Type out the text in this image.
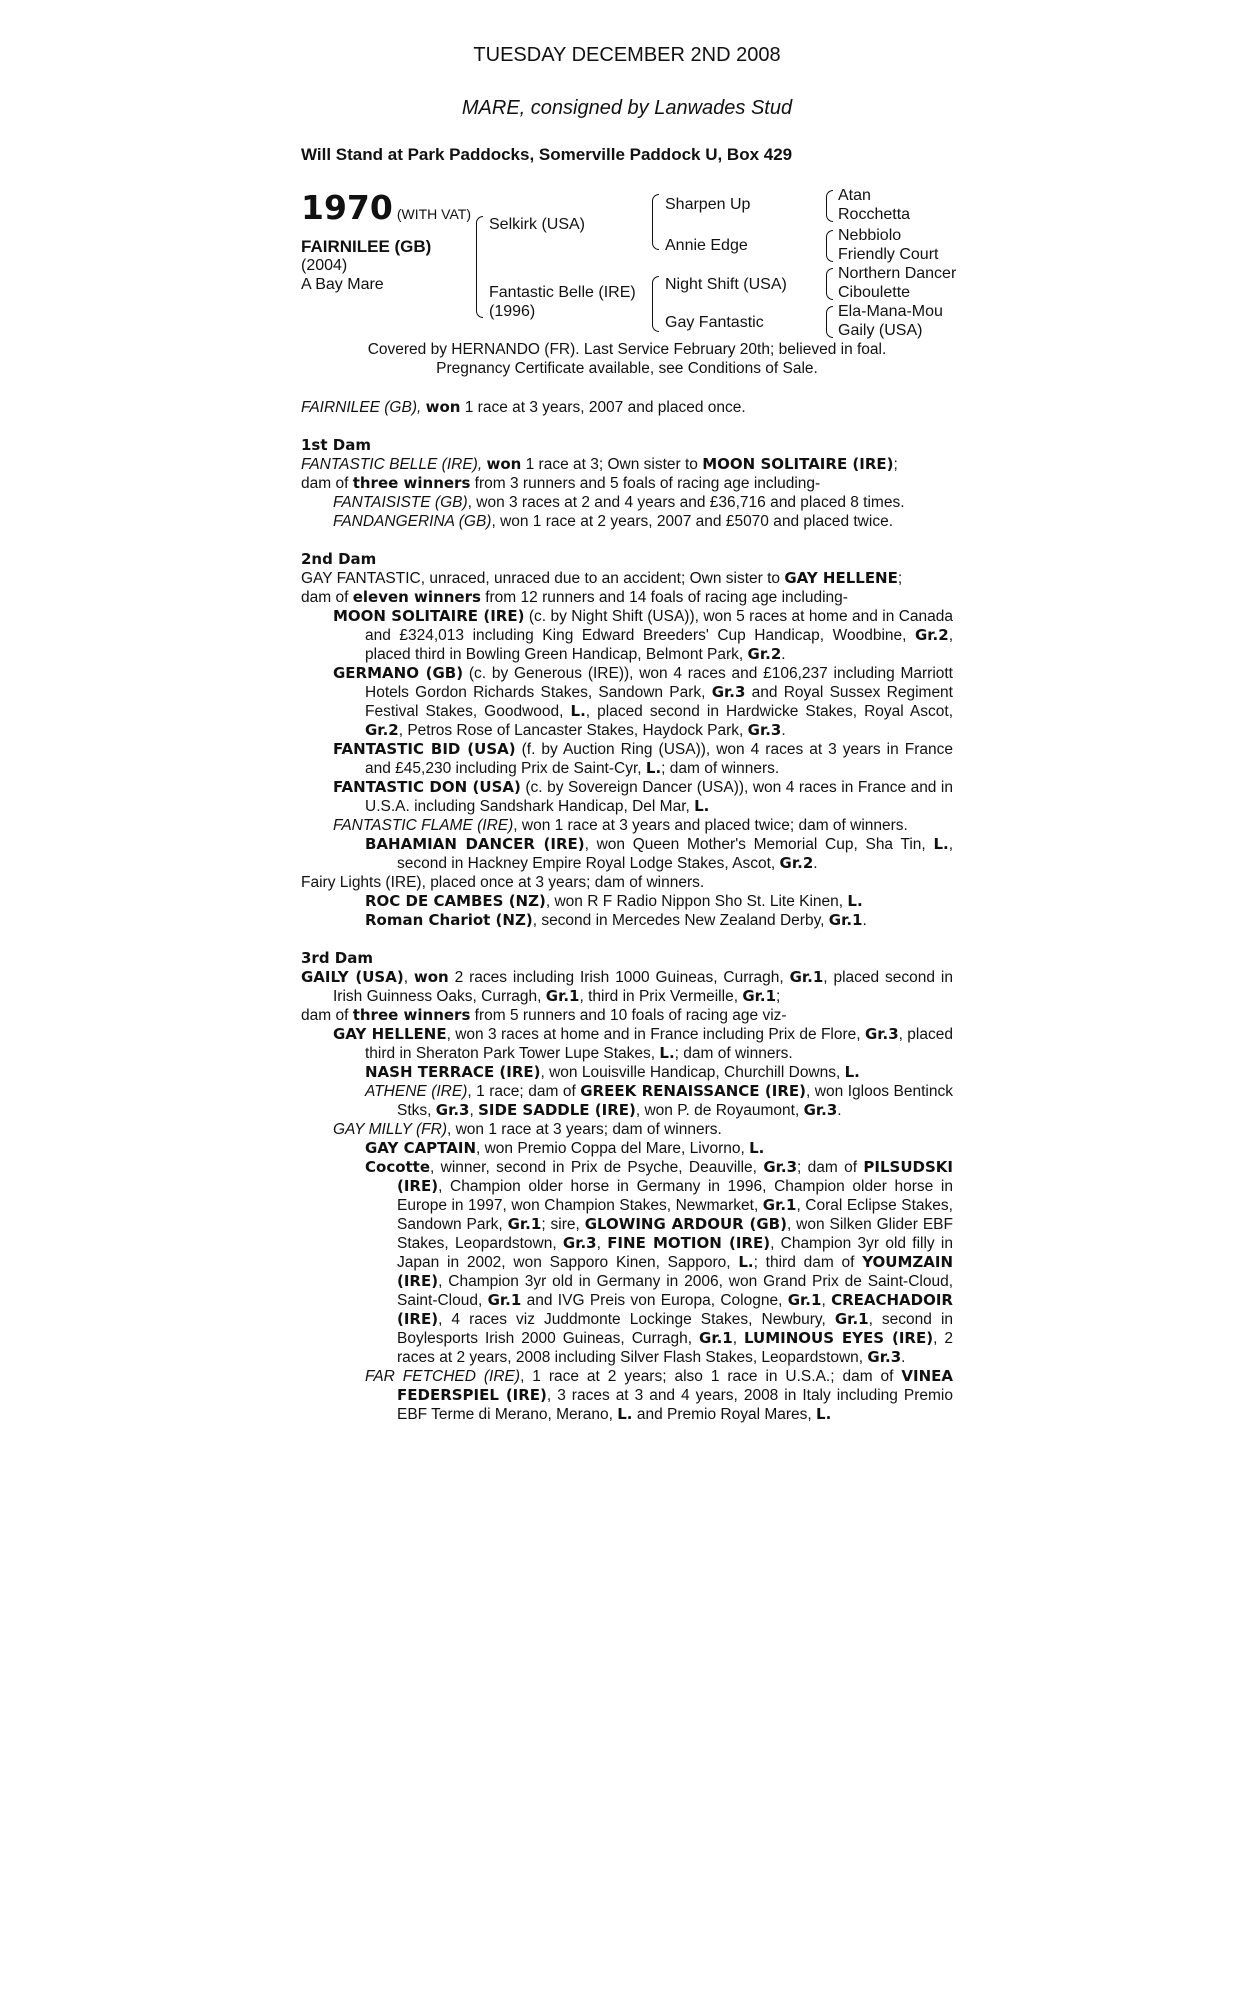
TUESDAY DECEMBER 2ND 2008
MARE, consigned by Lanwades Stud
Will Stand at Park Paddocks, Somerville Paddock U, Box 429
1970 (WITH VAT)
FAIRNILEE (GB)
(2004)
A Bay Mare
Selkirk (USA)
Fantastic Belle (IRE)
(1996)
Sharpen Up
Annie Edge
Night Shift (USA)
Gay Fantastic
Atan
Rocchetta
Nebbiolo
Friendly Court
Northern Dancer
Ciboulette
Ela-Mana-Mou
Gaily (USA)
Covered by HERNANDO (FR). Last Service February 20th; believed in foal.
Pregnancy Certificate available, see Conditions of Sale.

FAIRNILEE (GB), won 1 race at 3 years, 2007 and placed once.

1st Dam

FANTASTIC BELLE (IRE), won 1 race at 3; Own sister to MOON SOLITAIRE (IRE);

dam of three winners from 3 runners and 5 foals of racing age including-

FANTAISISTE (GB), won 3 races at 2 and 4 years and £36,716 and placed 8 times.

FANDANGERINA (GB), won 1 race at 2 years, 2007 and £5070 and placed twice.

2nd Dam

GAY FANTASTIC, unraced, unraced due to an accident; Own sister to GAY HELLENE;

dam of eleven winners from 12 runners and 14 foals of racing age including-

MOON SOLITAIRE (IRE) (c. by Night Shift (USA)), won 5 races at home and in Canada and £324,013 including King Edward Breeders' Cup Handicap, Woodbine, Gr.2, placed third in Bowling Green Handicap, Belmont Park, Gr.2.

GERMANO (GB) (c. by Generous (IRE)), won 4 races and £106,237 including Marriott Hotels Gordon Richards Stakes, Sandown Park, Gr.3 and Royal Sussex Regiment Festival Stakes, Goodwood, L., placed second in Hardwicke Stakes, Royal Ascot, Gr.2, Petros Rose of Lancaster Stakes, Haydock Park, Gr.3.

FANTASTIC BID (USA) (f. by Auction Ring (USA)), won 4 races at 3 years in France and £45,230 including Prix de Saint-Cyr, L.; dam of winners.

FANTASTIC DON (USA) (c. by Sovereign Dancer (USA)), won 4 races in France and in U.S.A. including Sandshark Handicap, Del Mar, L.

FANTASTIC FLAME (IRE), won 1 race at 3 years and placed twice; dam of winners.

BAHAMIAN DANCER (IRE), won Queen Mother's Memorial Cup, Sha Tin, L., second in Hackney Empire Royal Lodge Stakes, Ascot, Gr.2.

Fairy Lights (IRE), placed once at 3 years; dam of winners.

ROC DE CAMBES (NZ), won R F Radio Nippon Sho St. Lite Kinen, L.

Roman Chariot (NZ), second in Mercedes New Zealand Derby, Gr.1.

3rd Dam

GAILY (USA), won 2 races including Irish 1000 Guineas, Curragh, Gr.1, placed second in Irish Guinness Oaks, Curragh, Gr.1, third in Prix Vermeille, Gr.1;

dam of three winners from 5 runners and 10 foals of racing age viz-

GAY HELLENE, won 3 races at home and in France including Prix de Flore, Gr.3, placed third in Sheraton Park Tower Lupe Stakes, L.; dam of winners.

NASH TERRACE (IRE), won Louisville Handicap, Churchill Downs, L.

ATHENE (IRE), 1 race; dam of GREEK RENAISSANCE (IRE), won Igloos Bentinck Stks, Gr.3, SIDE SADDLE (IRE), won P. de Royaumont, Gr.3.

GAY MILLY (FR), won 1 race at 3 years; dam of winners.

GAY CAPTAIN, won Premio Coppa del Mare, Livorno, L.

Cocotte, winner, second in Prix de Psyche, Deauville, Gr.3; dam of PILSUDSKI (IRE), Champion older horse in Germany in 1996, Champion older horse in Europe in 1997, won Champion Stakes, Newmarket, Gr.1, Coral Eclipse Stakes, Sandown Park, Gr.1; sire, GLOWING ARDOUR (GB), won Silken Glider EBF Stakes, Leopardstown, Gr.3, FINE MOTION (IRE), Champion 3yr old filly in Japan in 2002, won Sapporo Kinen, Sapporo, L.; third dam of YOUMZAIN (IRE), Champion 3yr old in Germany in 2006, won Grand Prix de Saint-Cloud, Saint-Cloud, Gr.1 and IVG Preis von Europa, Cologne, Gr.1, CREACHADOIR (IRE), 4 races viz Juddmonte Lockinge Stakes, Newbury, Gr.1, second in Boylesports Irish 2000 Guineas, Curragh, Gr.1, LUMINOUS EYES (IRE), 2 races at 2 years, 2008 including Silver Flash Stakes, Leopardstown, Gr.3.

FAR FETCHED (IRE), 1 race at 2 years; also 1 race in U.S.A.; dam of VINEA FEDERSPIEL (IRE), 3 races at 3 and 4 years, 2008 in Italy including Premio EBF Terme di Merano, Merano, L. and Premio Royal Mares, L.
